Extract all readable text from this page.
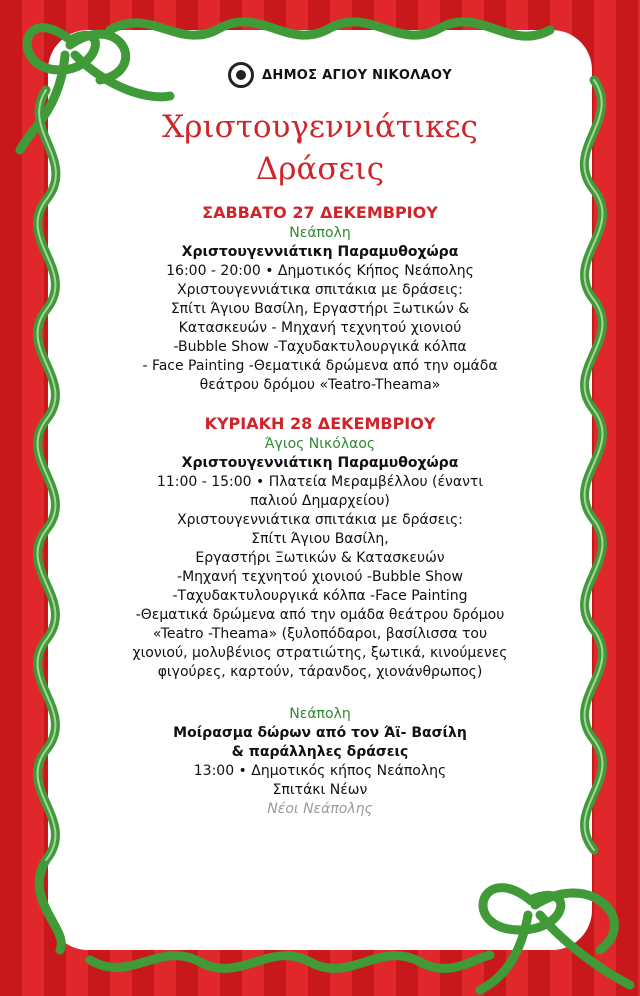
ΔΗΜΟΣ ΑΓΙΟΥ ΝΙΚΟΛΑΟΥ
Χριστουγεννιάτικες
Δράσεις
ΣΑΒΒΑΤΟ 27 ΔΕΚΕΜΒΡΙΟΥ
Νεάπολη
Χριστουγεννιάτικη Παραμυθοχώρα
16:00 - 20:00 • Δημοτικός Κήπος Νεάπολης
Χριστουγεννιάτικα σπιτάκια με δράσεις:
Σπίτι Άγιου Βασίλη, Εργαστήρι Ξωτικών &
Κατασκευών - Μηχανή τεχνητού χιονιού
-Bubble Show -Ταχυδακτυλουργικά κόλπα
- Face Painting -Θεματικά δρώμενα από την ομάδα
θεάτρου δρόμου «Teatro-Theama»
ΚΥΡΙΑΚΗ 28 ΔΕΚΕΜΒΡΙΟΥ
Άγιος Νικόλαος
Χριστουγεννιάτικη Παραμυθοχώρα
11:00 - 15:00 • Πλατεία Μεραμβέλλου (έναντι
παλιού Δημαρχείου)
Χριστουγεννιάτικα σπιτάκια με δράσεις:
Σπίτι Άγιου Βασίλη,
Εργαστήρι Ξωτικών & Κατασκευών
-Μηχανή τεχνητού χιονιού -Bubble Show
-Ταχυδακτυλουργικά κόλπα -Face Painting
-Θεματικά δρώμενα από την ομάδα θεάτρου δρόμου
«Teatro -Theama» (ξυλοπόδαροι, βασίλισσα του
χιονιού, μολυβένιος στρατιώτης, ξωτικά, κινούμενες
φιγούρες, καρτούν, τάρανδος, χιονάνθρωπος)
Νεάπολη
Μοίρασμα δώρων από τον Άϊ- Βασίλη
& παράλληλες δράσεις
13:00 • Δημοτικός κήπος Νεάπολης
Σπιτάκι Νέων
Νέοι Νεάπολης
